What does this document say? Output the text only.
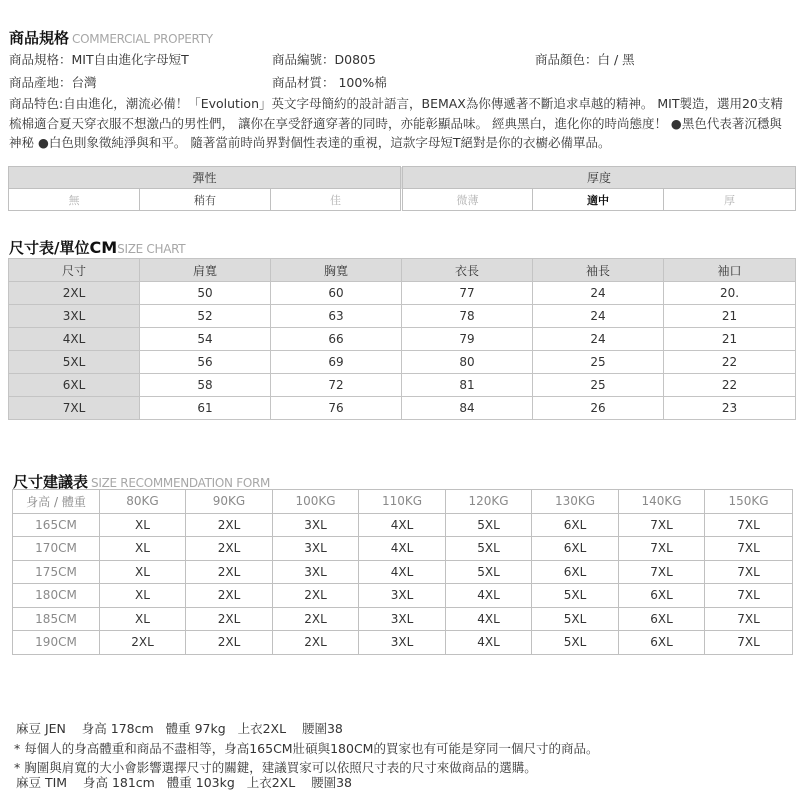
商品規格 COMMERCIAL PROPERTY
商品規格：MIT自由進化字母短T	商品編號：D0805	商品顏色：白 / 黑
商品產地：台灣	商品材質： 100%棉
商品特色:自由進化，潮流必備！「Evolution」英文字母簡約的設計語言，BEMAX為你傳遞著不斷追求卓越的精神。 MIT製造，選用20支精梳棉適合夏天穿衣服不想激凸的男性們， 讓你在享受舒適穿著的同時，亦能彰顯品味。 經典黑白，進化你的時尚態度！ ●黑色代表著沉穩與神秘 ●白色則象徵純淨與和平。 隨著當前時尚界對個性表達的重視，這款字母短T絕對是你的衣櫥必備單品。
彈性			厚度		
無	稍有	佳	微薄	適中	厚
尺寸表/單位CMSIZE CHART
尺寸	肩寬	胸寬	衣長	袖長	袖口
2XL	50	60	77	24	20.
3XL	52	63	78	24	21
4XL	54	66	79	24	21
5XL	56	69	80	25	22
6XL	58	72	81	25	22
7XL	61	76	84	26	23
尺寸建議表 SIZE RECOMMENDATION FORM
身高 / 體重	80KG	90KG	100KG	110KG	120KG	130KG	140KG	150KG
165CM	XL	2XL	3XL	4XL	5XL	6XL	7XL	7XL
170CM	XL	2XL	3XL	4XL	5XL	6XL	7XL	7XL
175CM	XL	2XL	3XL	4XL	5XL	6XL	7XL	7XL
180CM	XL	2XL	2XL	3XL	4XL	5XL	6XL	7XL
185CM	XL	2XL	2XL	3XL	4XL	5XL	6XL	7XL
190CM	2XL	2XL	2XL	3XL	4XL	5XL	6XL	7XL

麻豆 JEN    身高 178cm   體重 97kg   上衣2XL    腰圍38

麻豆 TIM    身高 181cm   體重 103kg   上衣2XL    腰圍38

* 每個人的身高體重和商品不盡相等，身高165CM壯碩與180CM的買家也有可能是穿同一個尺寸的商品。
* 胸圍與肩寬的大小會影響選擇尺寸的關鍵，建議買家可以依照尺寸表的尺寸來做商品的選購。
